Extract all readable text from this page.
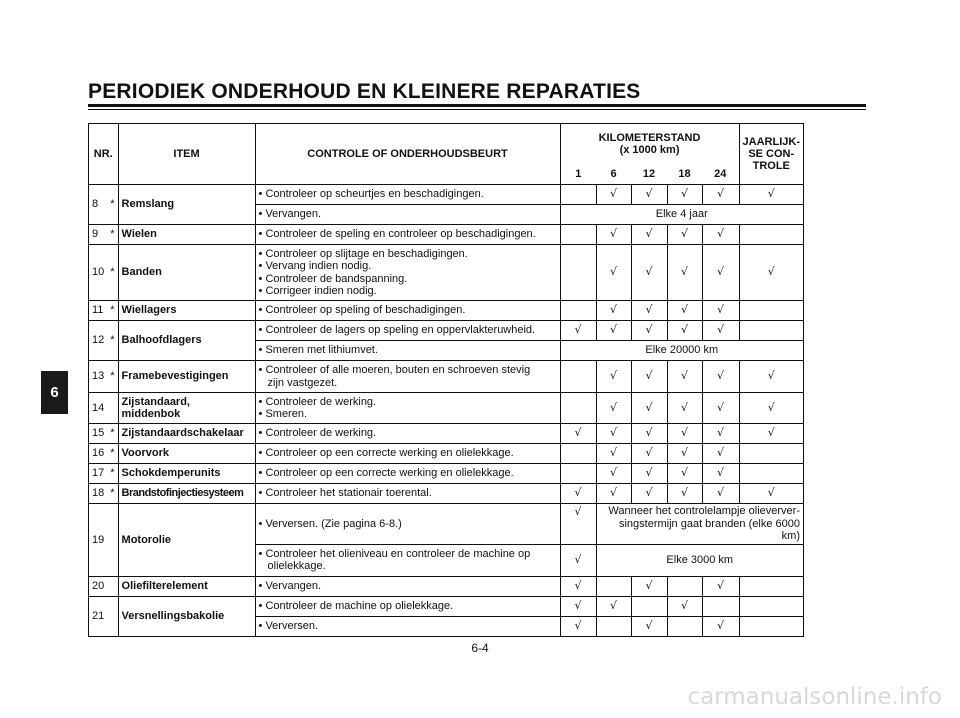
PERIODIEK ONDERHOUD EN KLEINERE REPARATIES
6
NR.		ITEM	CONTROLE OF ONDERHOUDSBEURT	KILOMETERSTAND
(x 1000 km)					JAARLIJK-
SE CON-
TROLE
				1	6	12	18	24	
8	*	Remslang	• Controleer op scheurtjes en beschadigingen.		√	√	√	√	√
			• Vervangen.	Elke 4 jaar					
9	*	Wielen	• Controleer de speling en controleer op beschadigingen.		√	√	√	√	
10	*	Banden	• Controleer op slijtage en beschadigingen.
• Vervang indien nodig.
• Controleer de bandspanning.
• Corrigeer indien nodig.		√	√	√	√	√
11	*	Wiellagers	• Controleer op speling of beschadigingen.		√	√	√	√	
12	*	Balhoofdlagers	• Controleer de lagers op speling en oppervlakteruwheid.	√	√	√	√	√	
			• Smeren met lithiumvet.	Elke 20000 km					
13	*	Framebevestigingen	• Controleer of alle moeren, bouten en schroeven stevig
zijn vastgezet.		√	√	√	√	√
14		Zijstandaard,
middenbok	• Controleer de werking.
• Smeren.		√	√	√	√	√
15	*	Zijstandaardschakelaar	• Controleer de werking.	√	√	√	√	√	√
16	*	Voorvork	• Controleer op een correcte werking en olielekkage.		√	√	√	√	
17	*	Schokdemperunits	• Controleer op een correcte werking en olielekkage.		√	√	√	√	
18	*	Brandstofinjectiesysteem	• Controleer het stationair toerental.	√	√	√	√	√	√
19		Motorolie	• Verversen. (Zie pagina 6-8.)	√	Wanneer het controlelampje olieverver-
singstermijn gaat branden (elke 6000 km)				

			• Controleer het olieniveau en controleer de machine op
olielekkage.	√	Elke 3000 km				
20		Oliefilterelement	• Vervangen.	√		√		√	
21		Versnellingsbakolie	• Controleer de machine op olielekkage.	√	√		√		
			• Verversen.	√		√		√	
6-4
carmanualsonline.info
